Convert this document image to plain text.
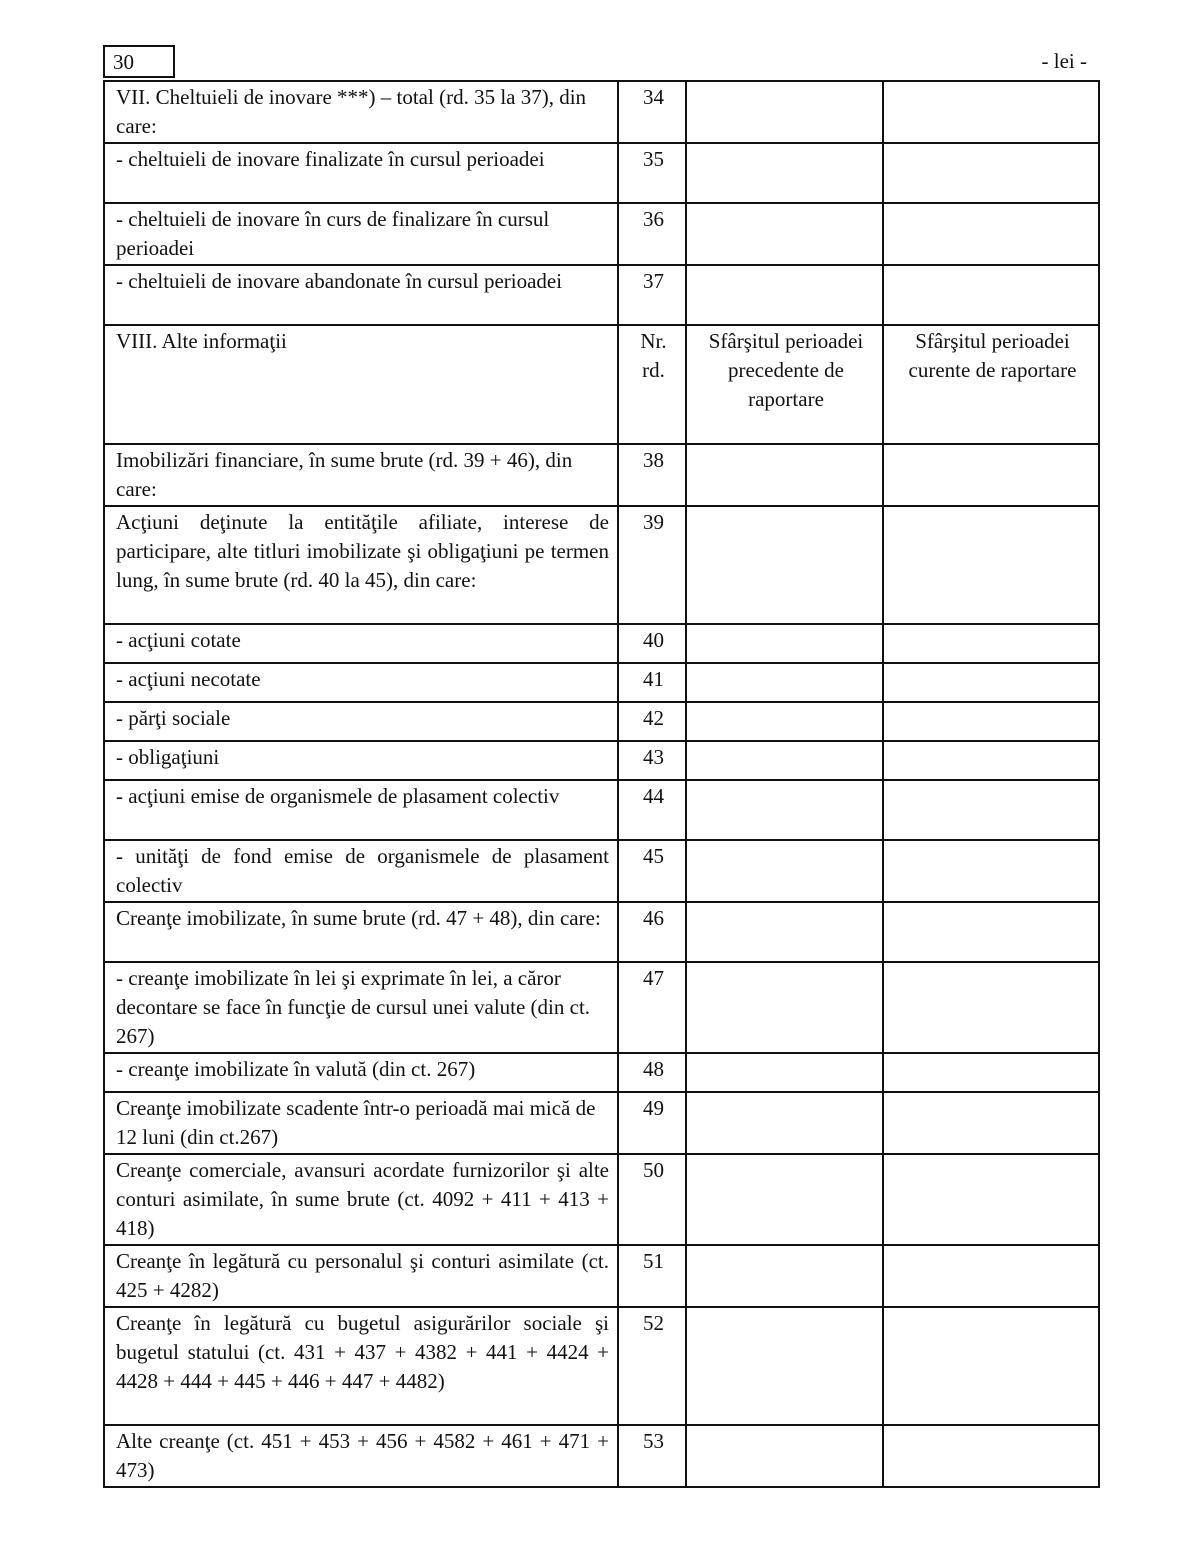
30	- lei -
VII. Cheltuieli de inovare ***) – total (rd. 35 la 37), din care:	34		
- cheltuieli de inovare finalizate în cursul perioadei	35		
- cheltuieli de inovare în curs de finalizare în cursul perioadei	36		
- cheltuieli de inovare abandonate în cursul perioadei	37		
VIII. Alte informaţii	Nr. rd.	Sfârşitul perioadei precedente de raportare	Sfârşitul perioadei curente de raportare
Imobilizări financiare, în sume brute (rd. 39 + 46), din care:	38		
Acţiuni deţinute la entităţile afiliate, interese de participare, alte titluri imobilizate şi obligaţiuni pe termen lung, în sume brute (rd. 40 la 45), din care:	39		
- acţiuni cotate	40		
- acţiuni necotate	41		
- părţi sociale	42		
- obligaţiuni	43		
- acţiuni emise de organismele de plasament colectiv	44		
- unităţi de fond emise de organismele de plasament colectiv	45		
Creanţe imobilizate, în sume brute (rd. 47 + 48), din care:	46		
- creanţe imobilizate în lei şi exprimate în lei, a căror decontare se face în funcţie de cursul unei valute (din ct. 267)	47		
- creanţe imobilizate în valută (din ct. 267)	48		
Creanţe imobilizate scadente într-o perioadă mai mică de 12 luni (din ct.267)	49		
Creanţe comerciale, avansuri acordate furnizorilor şi alte conturi asimilate, în sume brute (ct. 4092 + 411 + 413 + 418)	50		
Creanţe în legătură cu personalul şi conturi asimilate (ct. 425 + 4282)	51		
Creanţe în legătură cu bugetul asigurărilor sociale şi bugetul statului (ct. 431 + 437 + 4382 + 441 + 4424 + 4428 + 444 + 445 + 446 + 447 + 4482)	52		
Alte creanţe (ct. 451 + 453 + 456 + 4582 + 461 + 471 + 473)	53		
